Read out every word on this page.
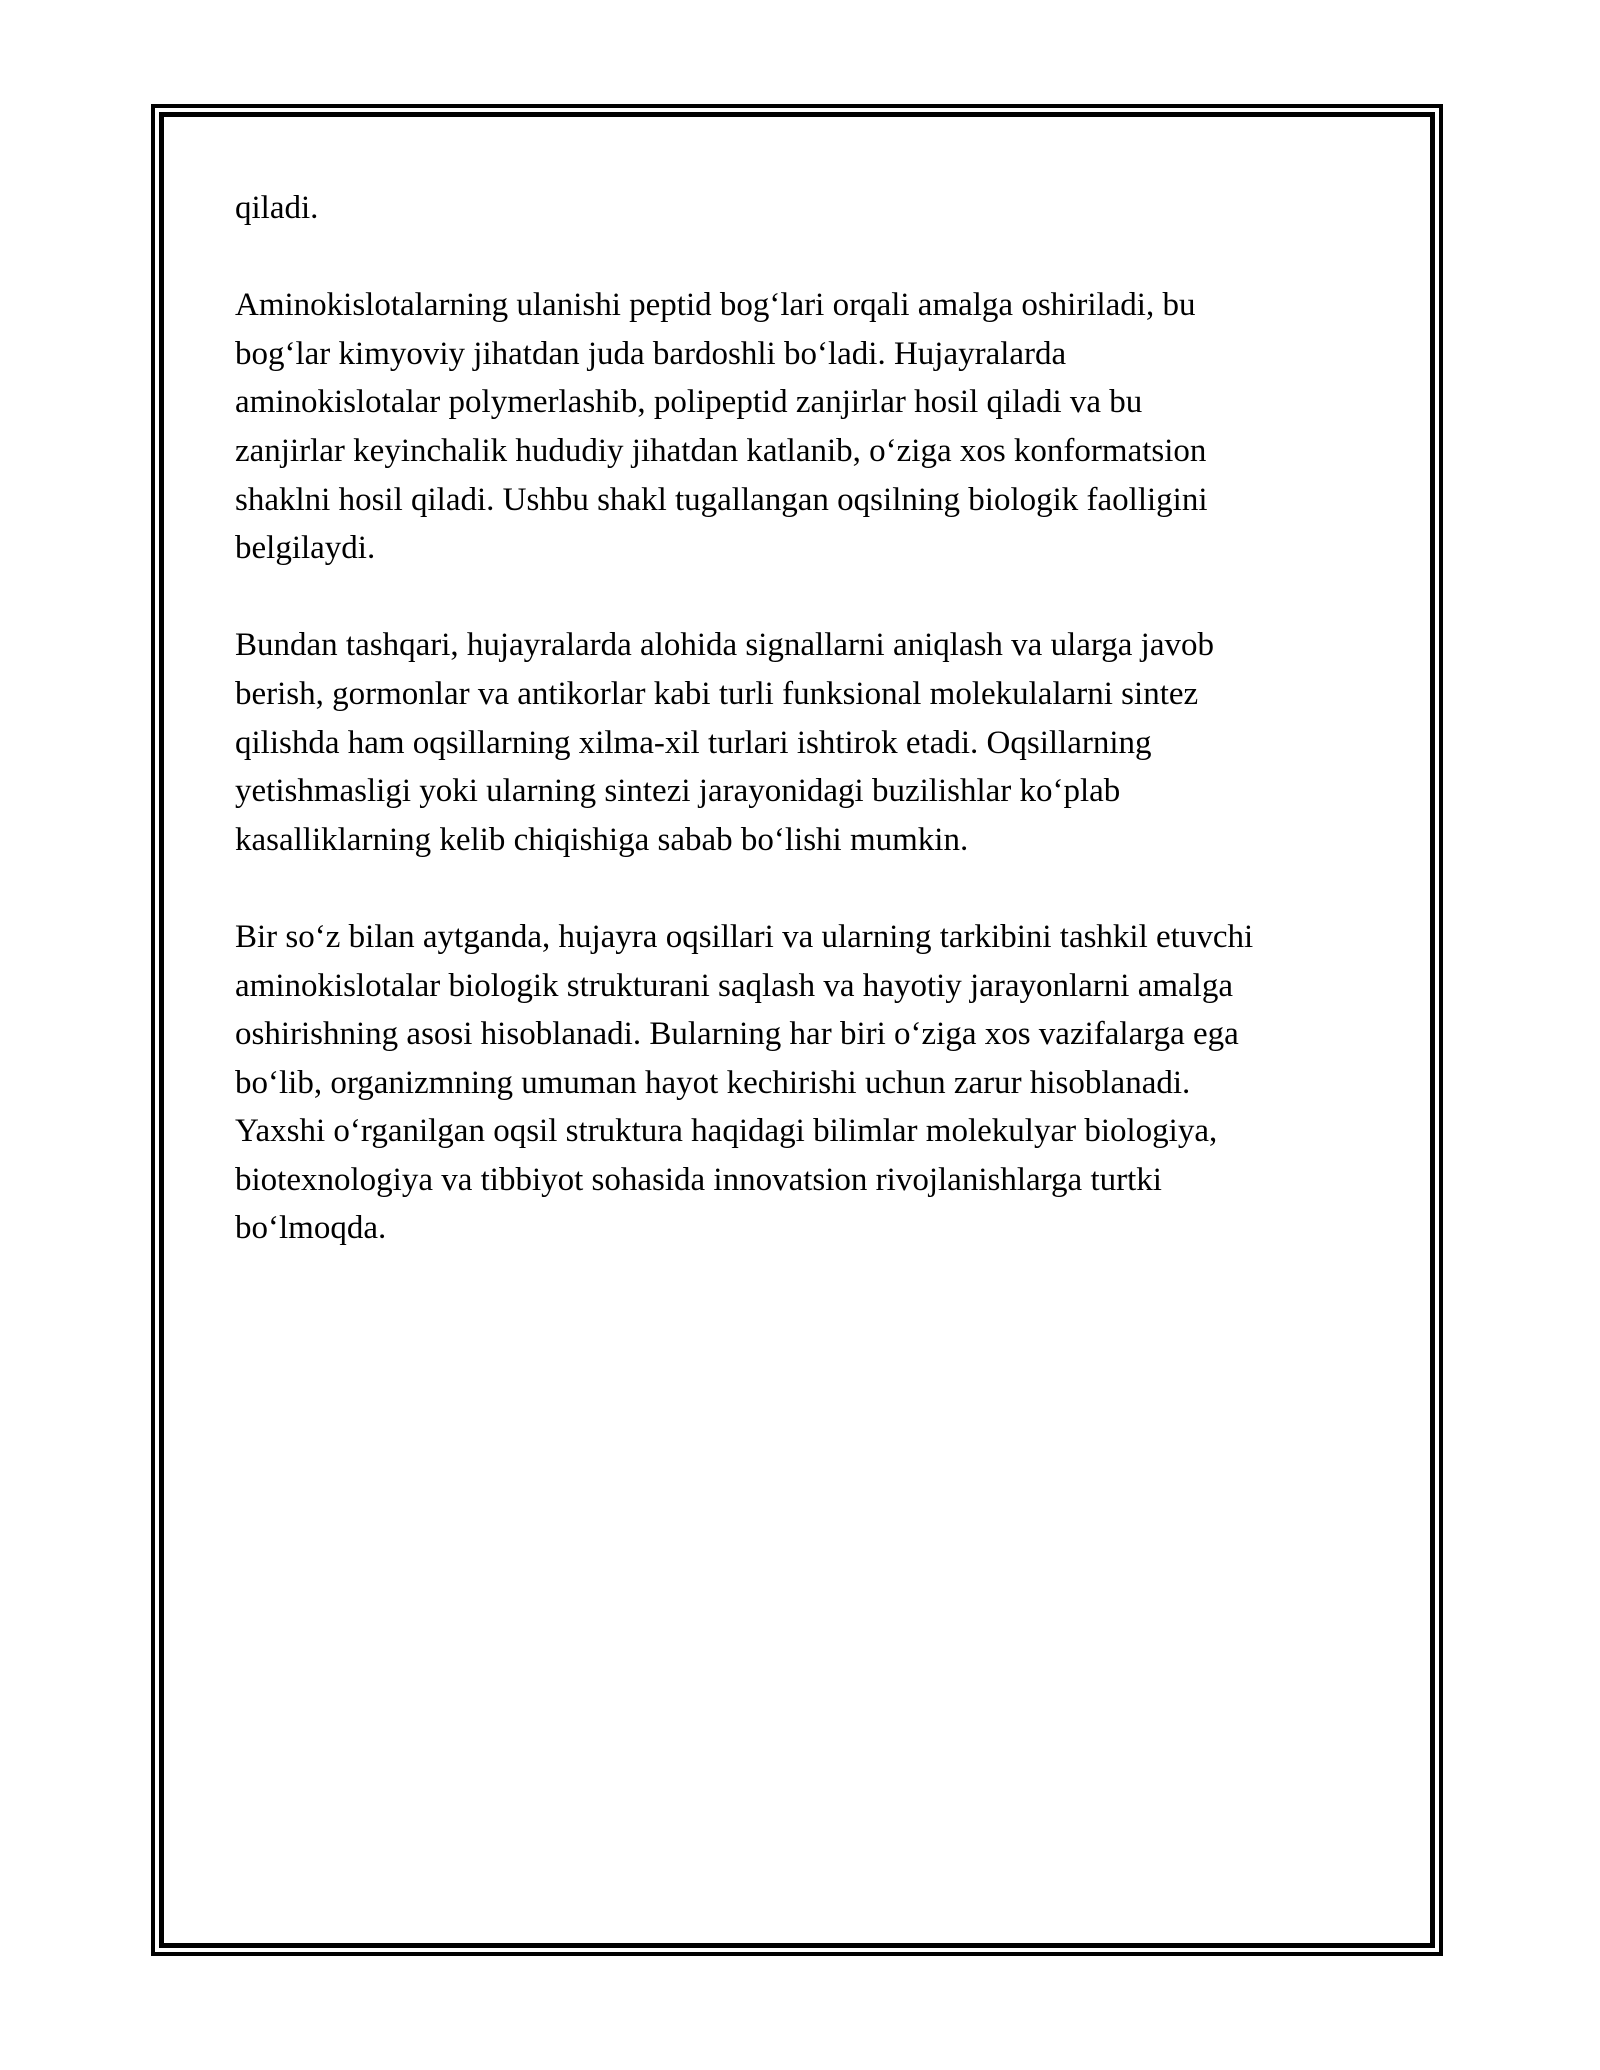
qiladi.

Aminokislotalarning ulanishi peptid bog‘lari orqali amalga oshiriladi, bu
bog‘lar kimyoviy jihatdan juda bardoshli bo‘ladi. Hujayralarda
aminokislotalar polymerlashib, polipeptid zanjirlar hosil qiladi va bu
zanjirlar keyinchalik hududiy jihatdan katlanib, o‘ziga xos konformatsion
shaklni hosil qiladi. Ushbu shakl tugallangan oqsilning biologik faolligini
belgilaydi.

Bundan tashqari, hujayralarda alohida signallarni aniqlash va ularga javob
berish, gormonlar va antikorlar kabi turli funksional molekulalarni sintez
qilishda ham oqsillarning xilma-xil turlari ishtirok etadi. Oqsillarning
yetishmasligi yoki ularning sintezi jarayonidagi buzilishlar ko‘plab
kasalliklarning kelib chiqishiga sabab bo‘lishi mumkin.

Bir so‘z bilan aytganda, hujayra oqsillari va ularning tarkibini tashkil etuvchi
aminokislotalar biologik strukturani saqlash va hayotiy jarayonlarni amalga
oshirishning asosi hisoblanadi. Bularning har biri o‘ziga xos vazifalarga ega
bo‘lib, organizmning umuman hayot kechirishi uchun zarur hisoblanadi.
Yaxshi o‘rganilgan oqsil struktura haqidagi bilimlar molekulyar biologiya,
biotexnologiya va tibbiyot sohasida innovatsion rivojlanishlarga turtki
bo‘lmoqda.
